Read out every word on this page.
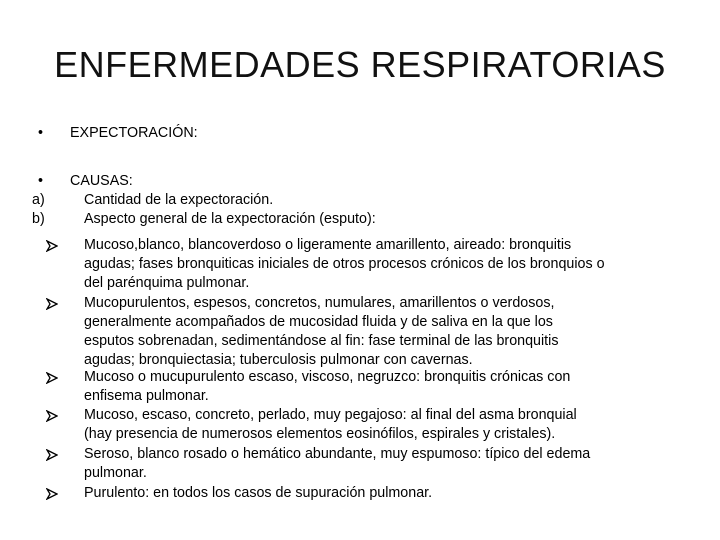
ENFERMEDADES RESPIRATORIAS
•	EXPECTORACIÓN:
•	CAUSAS:
a)	Cantidad de la expectoración.
b)	Aspecto general de la expectoración (esputo):
Mucoso,blanco, blancoverdoso o ligeramente amarillento, aireado: bronquitis
agudas; fases bronquiticas iniciales de otros procesos crónicos de los bronquios o
del parénquima pulmonar.
Mucopurulentos, espesos, concretos, numulares, amarillentos o verdosos,
generalmente acompañados de mucosidad fluida y de saliva en la que los
esputos sobrenadan, sedimentándose al fin: fase terminal de las bronquitis
agudas; bronquiectasia; tuberculosis pulmonar con cavernas.
Mucoso o mucupurulento escaso, viscoso, negruzco: bronquitis crónicas con
enfisema pulmonar.
Mucoso, escaso, concreto, perlado, muy pegajoso: al final del asma bronquial
(hay presencia de numerosos elementos eosinófilos, espirales y cristales).
Seroso, blanco rosado o hemático abundante, muy espumoso: típico del edema
pulmonar.
Purulento: en todos los casos de supuración pulmonar.
